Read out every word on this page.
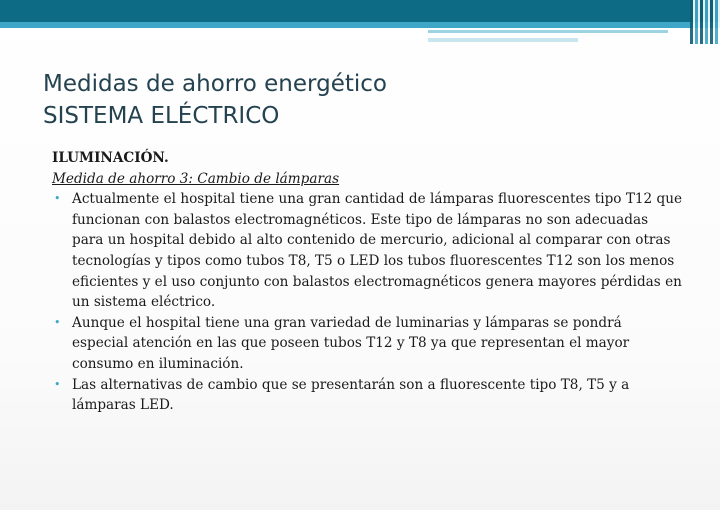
Medidas de ahorro energético
SISTEMA ELÉCTRICO
ILUMINACIÓN.
Medida de ahorro 3: Cambio de lámparas
• Actualmente el hospital tiene una gran cantidad de lámparas fluorescentes tipo T12 que funcionan con balastos electromagnéticos. Este tipo de lámparas no son adecuadas para un hospital debido al alto contenido de mercurio, adicional al comparar con otras tecnologías y tipos como tubos T8, T5 o LED los tubos fluorescentes T12 son los menos eficientes y el uso conjunto con balastos electromagnéticos genera mayores pérdidas en un sistema eléctrico.
• Aunque el hospital tiene una gran variedad de luminarias y lámparas se pondrá especial atención en las que poseen tubos T12 y T8 ya que representan el mayor consumo en iluminación.
• Las alternativas de cambio que se presentarán son a fluorescente tipo T8, T5 y a lámparas LED.
